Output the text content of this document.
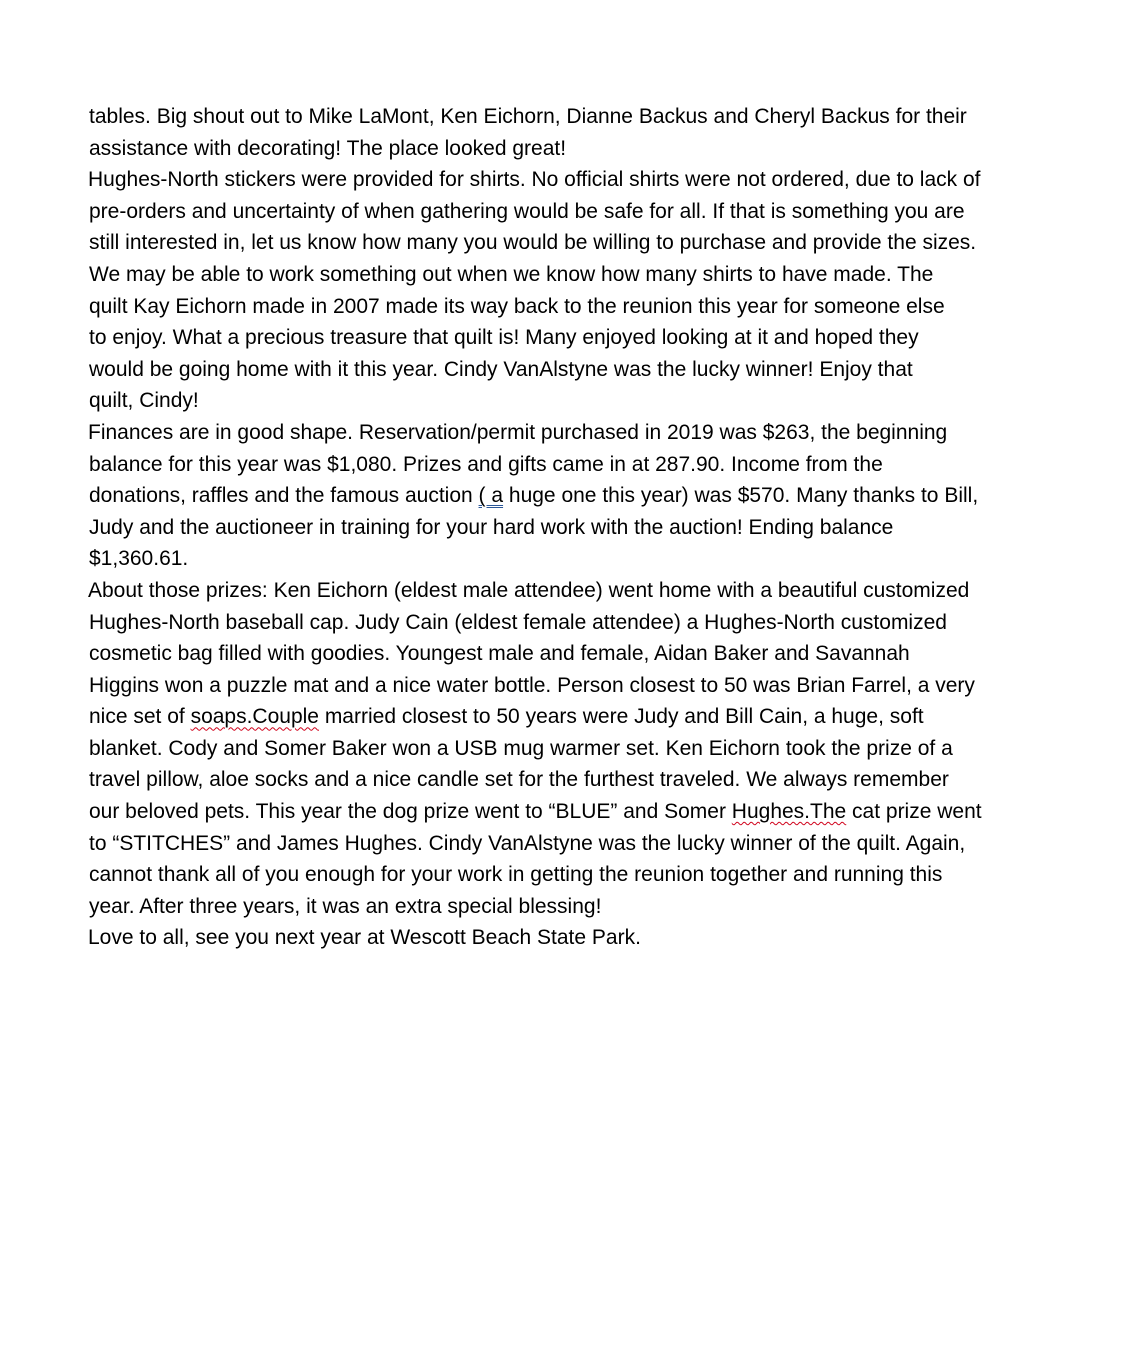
tables. Big shout out to Mike LaMont, Ken Eichorn, Dianne Backus and Cheryl Backus for their
assistance with decorating! The place looked great!
Hughes-North stickers were provided for shirts. No official shirts were not ordered, due to lack of
pre-orders and uncertainty of when gathering would be safe for all. If that is something you are
still interested in, let us know how many you would be willing to purchase and provide the sizes.
We may be able to work something out when we know how many shirts to have made. The
quilt Kay Eichorn made in 2007 made its way back to the reunion this year for someone else
to enjoy. What a precious treasure that quilt is! Many enjoyed looking at it and hoped they
would be going home with it this year. Cindy VanAlstyne was the lucky winner! Enjoy that
quilt, Cindy!
Finances are in good shape. Reservation/permit purchased in 2019 was $263, the beginning
balance for this year was $1,080. Prizes and gifts came in at 287.90. Income from the
donations, raffles and the famous auction ( a huge one this year) was $570. Many thanks to Bill,
Judy and the auctioneer in training for your hard work with the auction! Ending balance
$1,360.61.
About those prizes: Ken Eichorn (eldest male attendee) went home with a beautiful customized
Hughes-North baseball cap. Judy Cain (eldest female attendee) a Hughes-North customized
cosmetic bag filled with goodies. Youngest male and female, Aidan Baker and Savannah
Higgins won a puzzle mat and a nice water bottle. Person closest to 50 was Brian Farrel, a very
nice set of soaps.Couple married closest to 50 years were Judy and Bill Cain, a huge, soft
blanket. Cody and Somer Baker won a USB mug warmer set. Ken Eichorn took the prize of a
travel pillow, aloe socks and a nice candle set for the furthest traveled. We always remember
our beloved pets. This year the dog prize went to “BLUE” and Somer Hughes.The cat prize went
to “STITCHES” and James Hughes. Cindy VanAlstyne was the lucky winner of the quilt. Again,
cannot thank all of you enough for your work in getting the reunion together and running this
year. After three years, it was an extra special blessing!
Love to all, see you next year at Wescott Beach State Park.
